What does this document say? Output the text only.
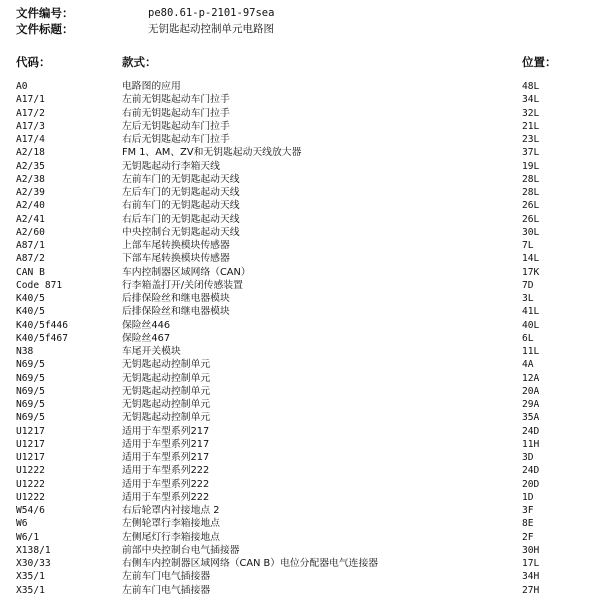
文件编号：	pe80.61-p-2101-97sea
文件标题：	无钥匙起动控制单元电路图
代码：	款式：	位置：
A0	电路图的应用	48L
A17/1	左前无钥匙起动车门拉手	34L
A17/2	右前无钥匙起动车门拉手	32L
A17/3	左后无钥匙起动车门拉手	21L
A17/4	右后无钥匙起动车门拉手	23L
A2/18	FM 1、AM、ZV和无钥匙起动天线放大器	37L
A2/35	无钥匙起动行李箱天线	19L
A2/38	左前车门的无钥匙起动天线	28L
A2/39	左后车门的无钥匙起动天线	28L
A2/40	右前车门的无钥匙起动天线	26L
A2/41	右后车门的无钥匙起动天线	26L
A2/60	中央控制台无钥匙起动天线	30L
A87/1	上部车尾转换模块传感器	7L
A87/2	下部车尾转换模块传感器	14L
CAN B	车内控制器区域网络（CAN）	17K
Code 871	行李箱盖打开/关闭传感装置	7D
K40/5	后排保险丝和继电器模块	3L
K40/5	后排保险丝和继电器模块	41L
K40/5f446	保险丝446	40L
K40/5f467	保险丝467	6L
N38	车尾开关模块	11L
N69/5	无钥匙起动控制单元	4A
N69/5	无钥匙起动控制单元	12A
N69/5	无钥匙起动控制单元	20A
N69/5	无钥匙起动控制单元	29A
N69/5	无钥匙起动控制单元	35A
U1217	适用于车型系列217	24D
U1217	适用于车型系列217	11H
U1217	适用于车型系列217	3D
U1222	适用于车型系列222	24D
U1222	适用于车型系列222	20D
U1222	适用于车型系列222	1D
W54/6	右后轮罩内衬接地点 2	3F
W6	左侧轮罩行李箱接地点	8E
W6/1	左侧尾灯行李箱接地点	2F
X138/1	前部中央控制台电气插接器	30H
X30/33	右侧车内控制器区域网络（CAN B）电位分配器电气连接器	17L
X35/1	左前车门电气插接器	34H
X35/1	左前车门电气插接器	27H
